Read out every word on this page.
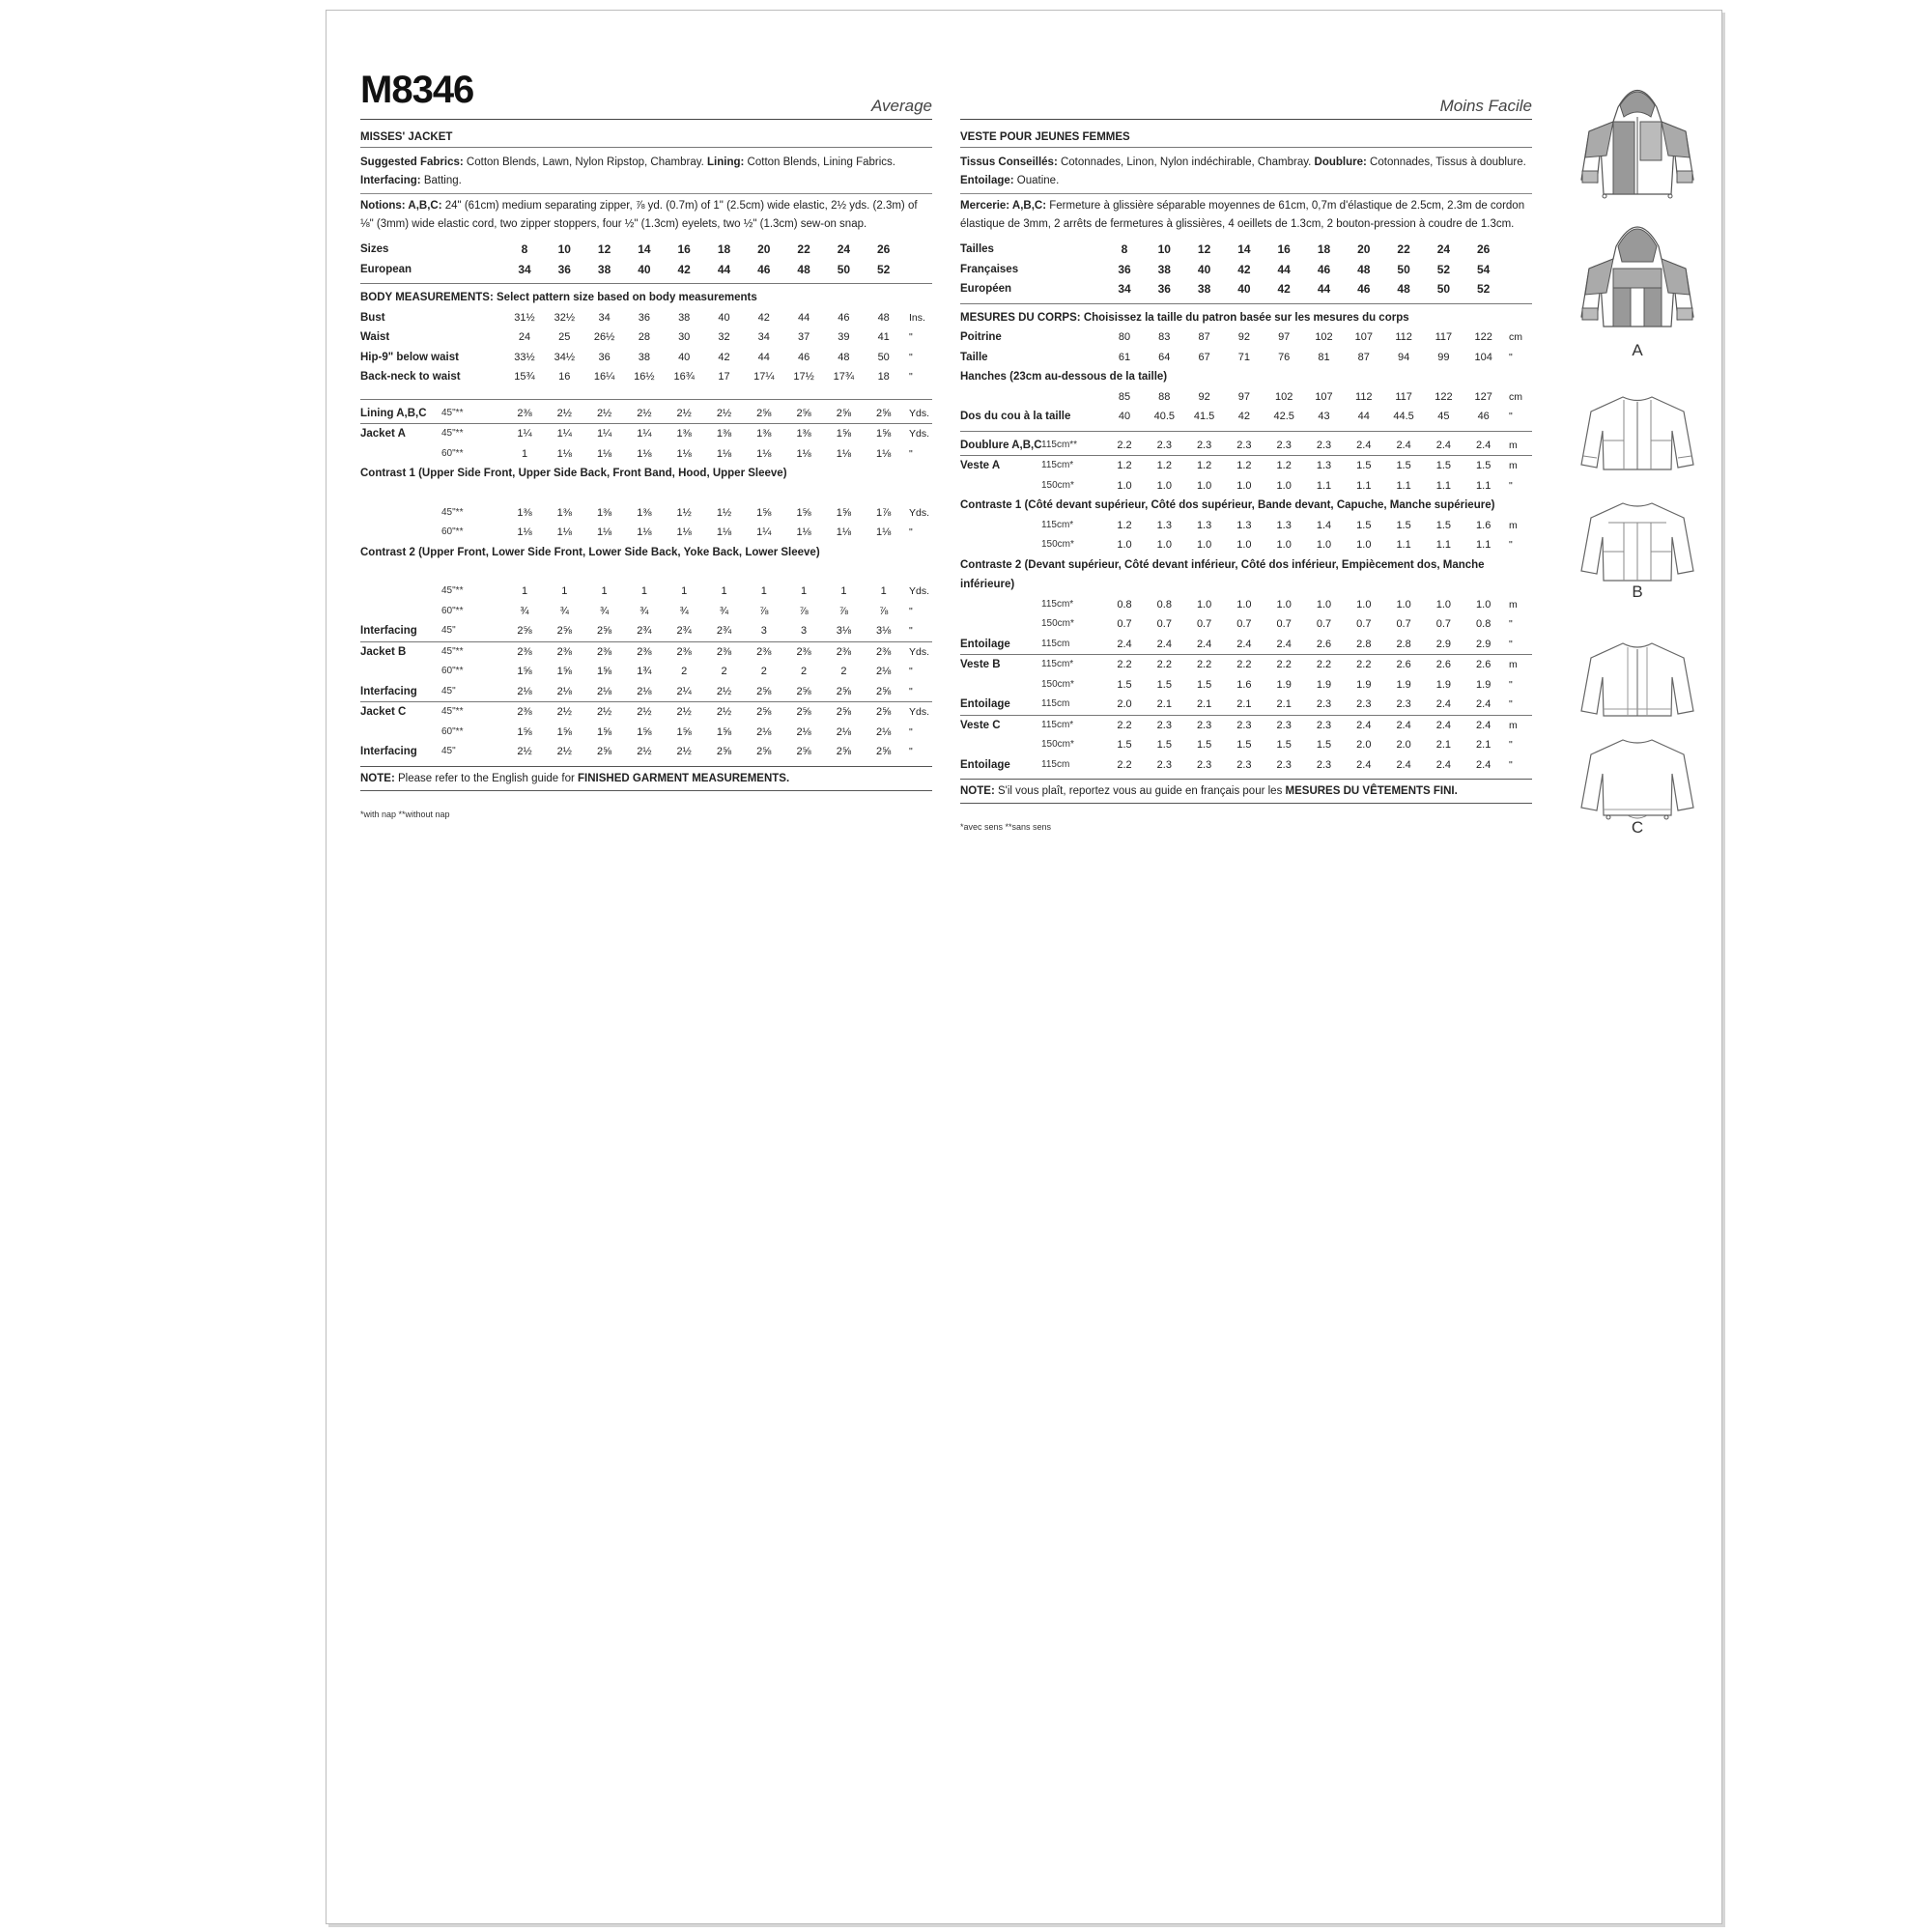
M8346	Average
MISSES' JACKET
Suggested Fabrics: Cotton Blends, Lawn, Nylon Ripstop, Chambray. Lining: Cotton Blends, Lining Fabrics.
Interfacing: Batting.
Notions: A,B,C: 24" (61cm) medium separating zipper, ⅞ yd. (0.7m) of 1" (2.5cm) wide elastic, 2½ yds. (2.3m) of ⅛" (3mm) wide elastic cord, two zipper stoppers, four ½" (1.3cm) eyelets, two ½" (1.3cm) sew-on snap.
Sizes	8	10	12	14	16	18	20	22	24	26
European	34	36	38	40	42	44	46	48	50	52
BODY MEASUREMENTS: Select pattern size based on body measurements
Bust	31½	32½	34	36	38	40	42	44	46	48	Ins.
Waist	24	25	26½	28	30	32	34	37	39	41	"
Hip-9" below waist	33½	34½	36	38	40	42	44	46	48	50	"
Back-neck to waist	15¾	16	16¼	16½	16¾	17	17¼	17½	17¾	18	"
Lining A,B,C 45"**	2⅜	2½	2½	2½	2½	2½	2⅝	2⅝	2⅝	2⅝	Yds.
Jacket A	45"**	1¼	1¼	1¼	1¼	1⅜	1⅜	1⅜	1⅜	1⅝	1⅝	Yds.
60"**	1	1⅛	1⅛	1⅛	1⅛	1⅛	1⅛	1⅛	1⅛	1⅛	"
Contrast 1 (Upper Side Front, Upper Side Back, Front Band, Hood, Upper Sleeve)
45"**	1⅜	1⅜	1⅜	1⅜	1½	1½	1⅝	1⅝	1⅝	1⅞	Yds.
60"**	1⅛	1⅛	1⅛	1⅛	1⅛	1⅛	1¼	1⅛	1⅛	1⅛	"
Contrast 2 (Upper Front, Lower Side Front, Lower Side Back, Yoke Back, Lower Sleeve)
45"**	1	1	1	1	1	1	1	1	1	1	Yds.
60"**	¾	¾	¾	¾	¾	¾	⅞	⅞	⅞	⅞	"
Interfacing	45"	2⅝	2⅝	2⅝	2¾	2¾	2¾	3	3	3⅛	3⅛	"
Jacket B	45"**	2⅜	2⅜	2⅜	2⅜	2⅜	2⅜	2⅜	2⅜	2⅜	2⅜	Yds.
60"**	1⅝	1⅝	1⅝	1¾	2	2	2	2	2	2⅛	"
Interfacing	45"	2⅛	2⅛	2⅛	2⅛	2¼	2½	2⅝	2⅝	2⅝	2⅝	"
Jacket C	45"**	2⅜	2½	2½	2½	2½	2½	2⅝	2⅝	2⅝	2⅝	Yds.
60"**	1⅝	1⅝	1⅝	1⅝	1⅝	1⅝	2⅛	2⅛	2⅛	2⅛	"
Interfacing	45"	2½	2½	2⅝	2½	2½	2⅝	2⅝	2⅝	2⅝	2⅝	"
NOTE: Please refer to the English guide for FINISHED GARMENT MEASUREMENTS.
*with nap **without nap
Moins Facile
VESTE POUR JEUNES FEMMES
Tissus Conseillés: Cotonnades, Linon, Nylon indéchirable, Chambray. Doublure: Cotonnades, Tissus à doublure. Entoilage: Ouatine.
Mercerie: A,B,C: Fermeture à glissière séparable moyennes de 61cm, 0,7m d'élastique de 2.5cm, 2.3m de cordon élastique de 3mm, 2 arrêts de fermetures à glissières, 4 oeillets de 1.3cm, 2 bouton-pression à coudre de 1.3cm.
Tailles	8	10	12	14	16	18	20	22	24	26
Françaises	36	38	40	42	44	46	48	50	52	54
Européen	34	36	38	40	42	44	46	48	50	52
MESURES DU CORPS: Choisissez la taille du patron basée sur les mesures du corps
Poitrine	80	83	87	92	97	102	107	112	117	122	cm
Taille	61	64	67	71	76	81	87	94	99	104	"
Hanches (23cm au-dessous de la taille)
85	88	92	97	102	107	112	117	122	127	cm
Dos du cou à la taille	40	40.5	41.5	42	42.5	43	44	44.5	45	46	"
Doublure A,B,C 115cm**	2.2	2.3	2.3	2.3	2.3	2.3	2.4	2.4	2.4	2.4	m
Veste A	115cm*	1.2	1.2	1.2	1.2	1.2	1.3	1.5	1.5	1.5	1.5	m
150cm*	1.0	1.0	1.0	1.0	1.0	1.1	1.1	1.1	1.1	1.1	"
Contraste 1 (Côté devant supérieur, Côté dos supérieur, Bande devant, Capuche, Manche supérieure)
115cm*	1.2	1.3	1.3	1.3	1.3	1.4	1.5	1.5	1.5	1.6	m
150cm*	1.0	1.0	1.0	1.0	1.0	1.0	1.0	1.1	1.1	1.1	"
Contraste 2 (Devant supérieur, Côté devant inférieur, Côté dos inférieur, Empiècement dos, Manche inférieure)
115cm*	0.8	0.8	1.0	1.0	1.0	1.0	1.0	1.0	1.0	1.0	m
150cm*	0.7	0.7	0.7	0.7	0.7	0.7	0.7	0.7	0.7	0.8	"
Entoilage	115cm	2.4	2.4	2.4	2.4	2.4	2.6	2.8	2.8	2.9	2.9	"
Veste B	115cm*	2.2	2.2	2.2	2.2	2.2	2.2	2.2	2.6	2.6	2.6	m
150cm*	1.5	1.5	1.5	1.6	1.9	1.9	1.9	1.9	1.9	1.9	"
Entoilage	115cm	2.0	2.1	2.1	2.1	2.1	2.3	2.3	2.3	2.4	2.4	"
Veste C	115cm*	2.2	2.3	2.3	2.3	2.3	2.3	2.4	2.4	2.4	2.4	m
150cm*	1.5	1.5	1.5	1.5	1.5	1.5	2.0	2.0	2.1	2.1	"
Entoilage	115cm	2.2	2.3	2.3	2.3	2.3	2.3	2.4	2.4	2.4	2.4	"
NOTE: S'il vous plaît, reportez vous au guide en français pour les MESURES DU VÊTEMENTS FINI.
*avec sens **sans sens
A
B
C
